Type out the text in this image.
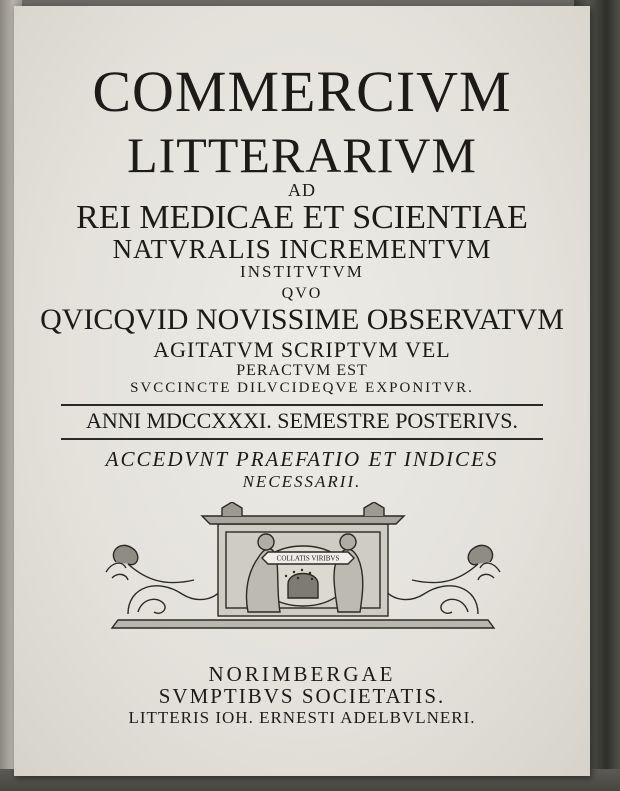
COMMERCIVM
LITTERARIVM
AD
REI MEDICAE ET SCIENTIAE
NATVRALIS INCREMENTVM
INSTITVTVM
QVO
QVICQVID NOVISSIME OBSERVATVM
AGITATVM SCRIPTVM VEL
PERACTVM EST
SVCCINCTE DILVCIDEQVE EXPONITVR.
ANNI MDCCXXXI. SEMESTRE POSTERIVS.
ACCEDVNT PRAEFATIO ET INDICES
NECESSARII.
COLLATIS VIRIBVS
NORIMBERGAE
SVMPTIBVS SOCIETATIS.
LITTERIS IOH. ERNESTI ADELBVLNERI.
